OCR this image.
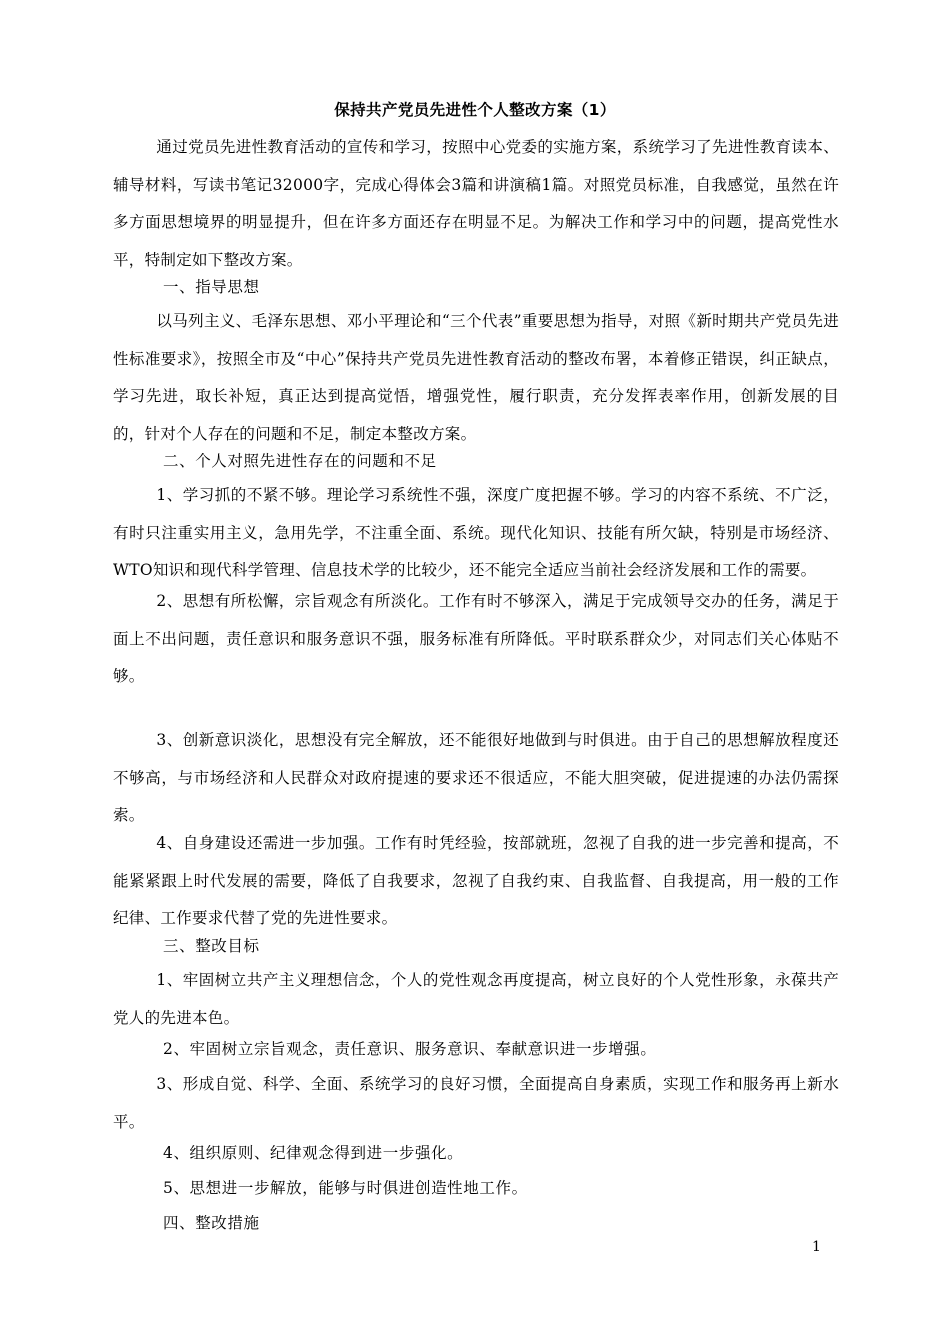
保持共产党员先进性个人整改方案（1）

通过党员先进性教育活动的宣传和学习，按照中心党委的实施方案，系统学习了先进性教育读本、辅导材料，写读书笔记32000字，完成心得体会3篇和讲演稿1篇。对照党员标准，自我感觉，虽然在许多方面思想境界的明显提升，但在许多方面还存在明显不足。为解决工作和学习中的问题，提高党性水平，特制定如下整改方案。

一、指导思想

以马列主义、毛泽东思想、邓小平理论和“三个代表”重要思想为指导，对照《新时期共产党员先进性标准要求》，按照全市及“中心”保持共产党员先进性教育活动的整改布署，本着修正错误，纠正缺点，学习先进，取长补短，真正达到提高觉悟，增强党性，履行职责，充分发挥表率作用，创新发展的目的，针对个人存在的问题和不足，制定本整改方案。

二、个人对照先进性存在的问题和不足

1、学习抓的不紧不够。理论学习系统性不强，深度广度把握不够。学习的内容不系统、不广泛，有时只注重实用主义，急用先学，不注重全面、系统。现代化知识、技能有所欠缺，特别是市场经济、WTO知识和现代科学管理、信息技术学的比较少，还不能完全适应当前社会经济发展和工作的需要。

2、思想有所松懈，宗旨观念有所淡化。工作有时不够深入，满足于完成领导交办的任务，满足于面上不出问题，责任意识和服务意识不强，服务标准有所降低。平时联系群众少，对同志们关心体贴不够。

3、创新意识淡化，思想没有完全解放，还不能很好地做到与时俱进。由于自己的思想解放程度还不够高，与市场经济和人民群众对政府提速的要求还不很适应，不能大胆突破，促进提速的办法仍需探索。

4、自身建设还需进一步加强。工作有时凭经验，按部就班，忽视了自我的进一步完善和提高，不能紧紧跟上时代发展的需要，降低了自我要求，忽视了自我约束、自我监督、自我提高，用一般的工作纪律、工作要求代替了党的先进性要求。

三、整改目标

1、牢固树立共产主义理想信念，个人的党性观念再度提高，树立良好的个人党性形象，永葆共产党人的先进本色。

2、牢固树立宗旨观念，责任意识、服务意识、奉献意识进一步增强。

3、形成自觉、科学、全面、系统学习的良好习惯，全面提高自身素质，实现工作和服务再上新水平。

4、组织原则、纪律观念得到进一步强化。
5、思想进一步解放，能够与时俱进创造性地工作。
四、整改措施
1
